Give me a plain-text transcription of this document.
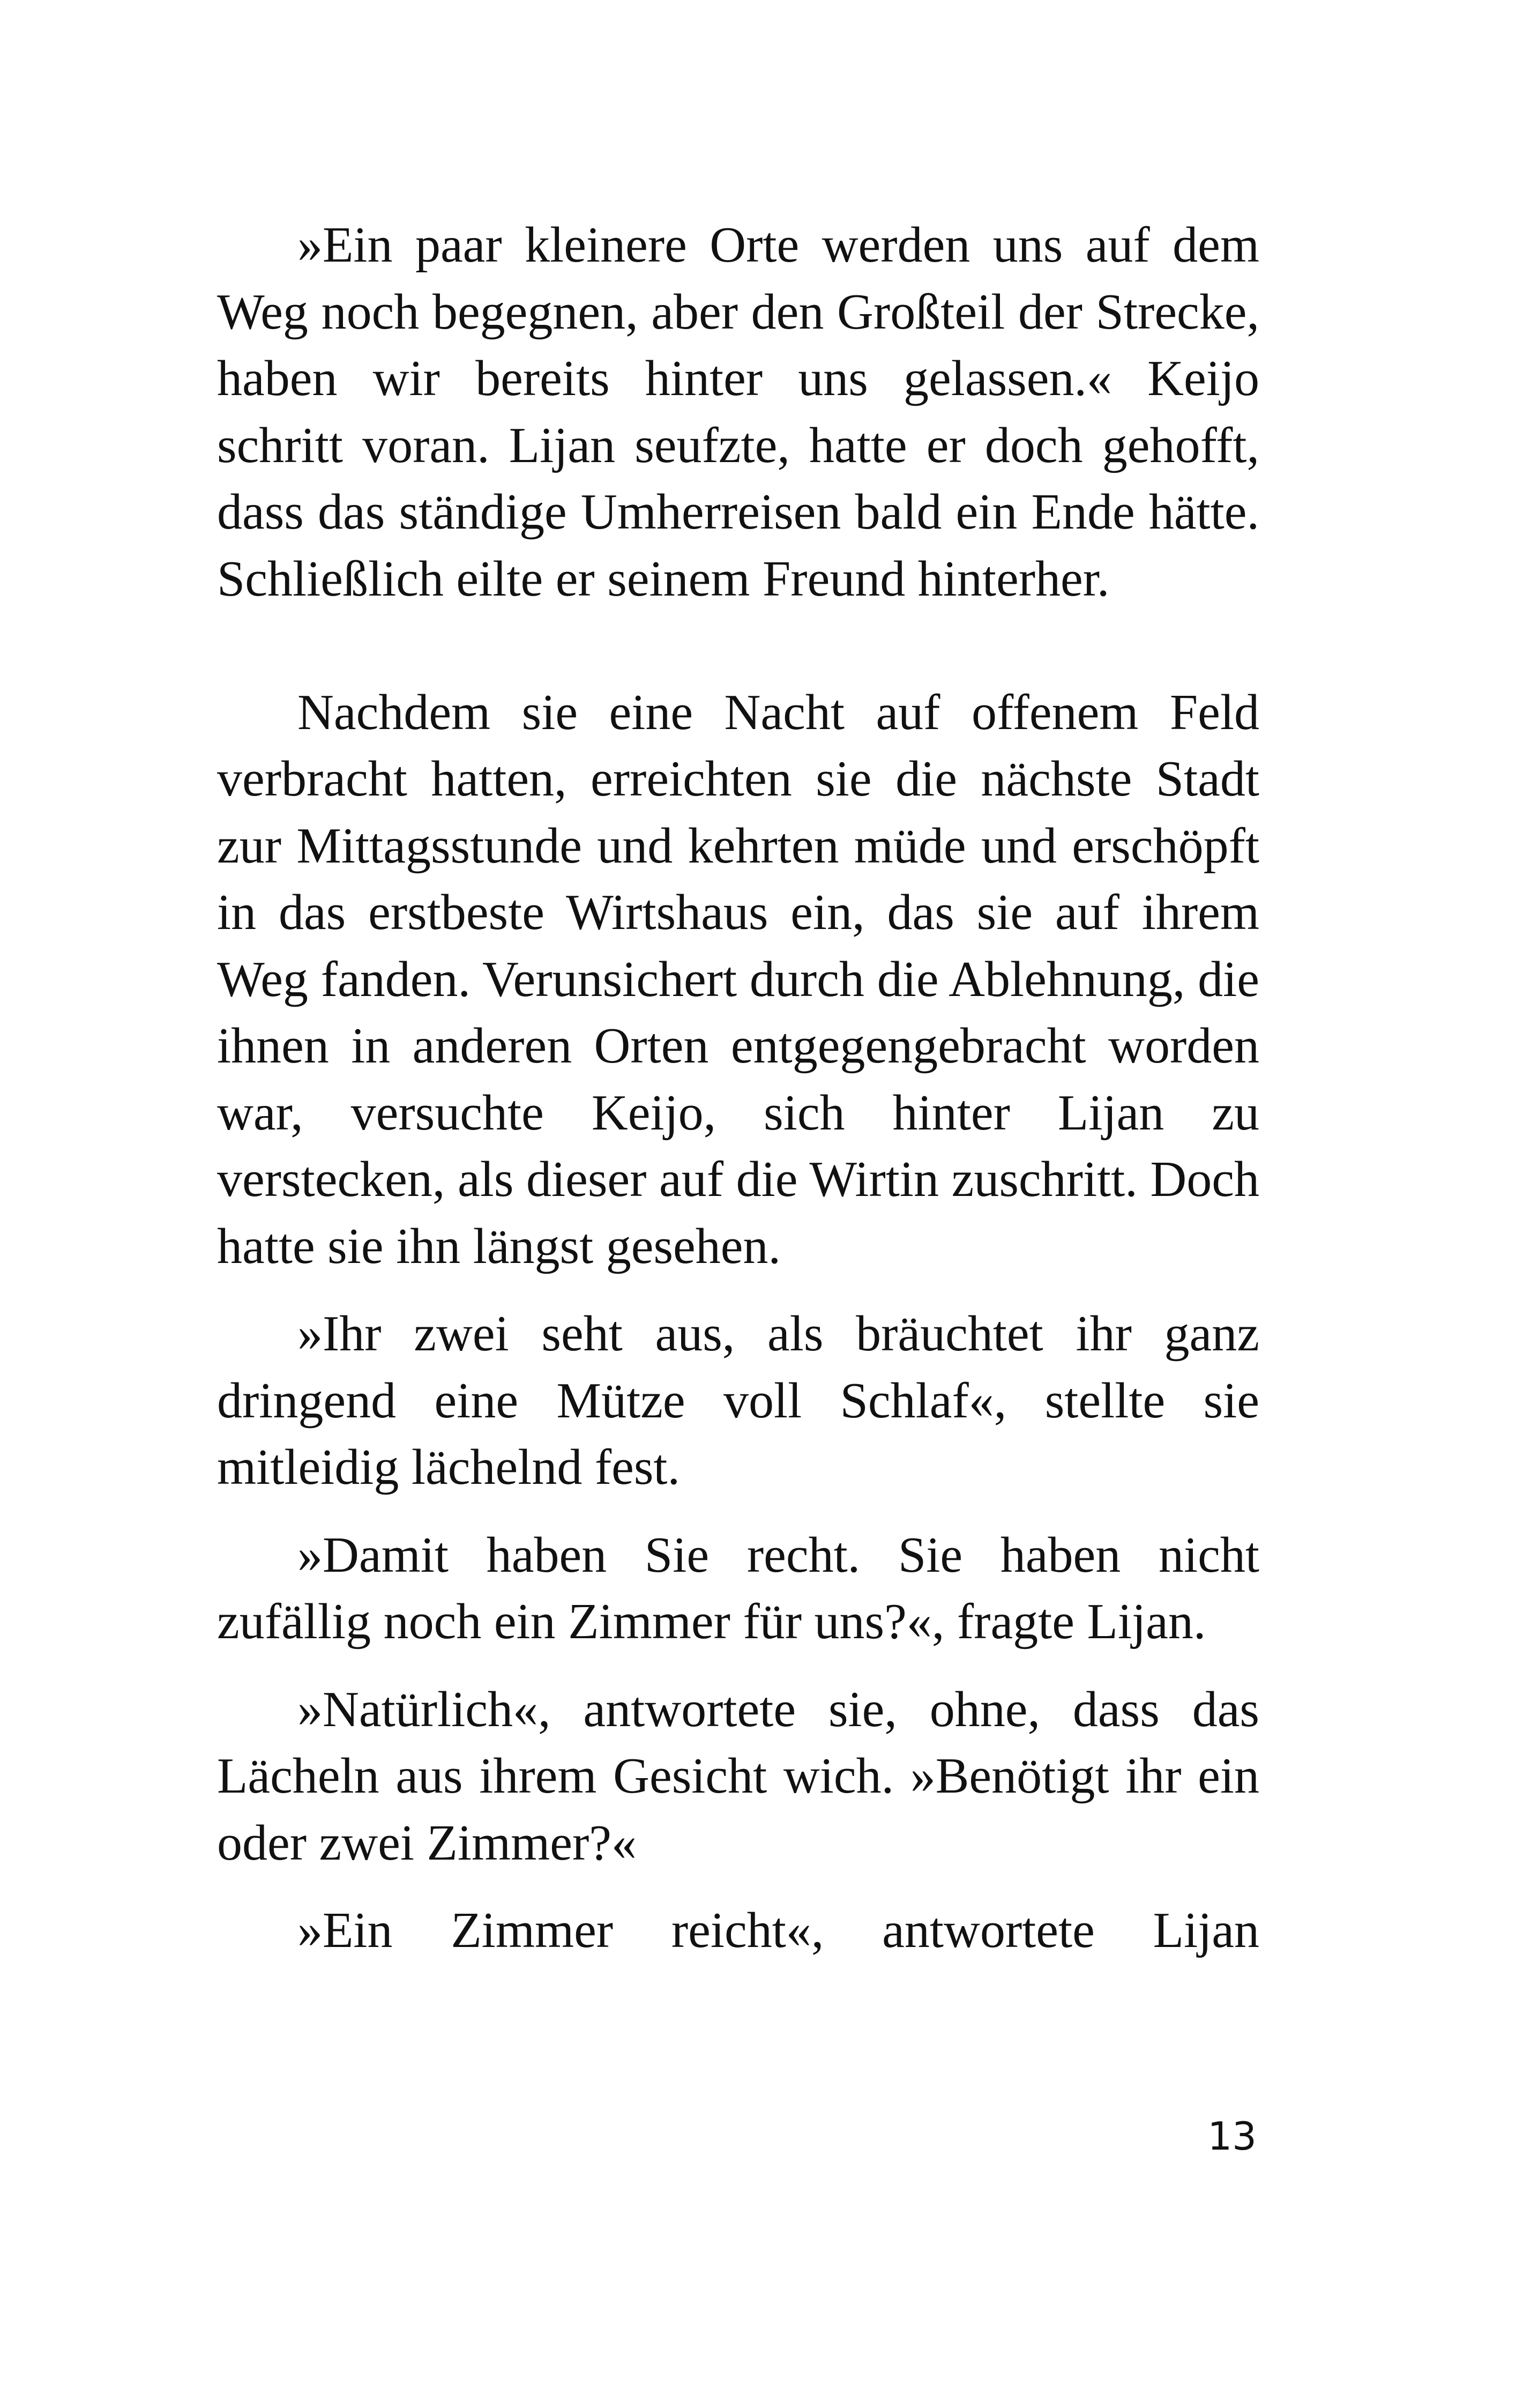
»Ein paar kleinere Orte werden uns auf dem Weg noch begegnen, aber den Großteil der Strecke, haben wir bereits hinter uns gelassen.« Keijo schritt voran. Lijan seufzte, hatte er doch gehofft, dass das ständige Umherreisen bald ein Ende hätte. Schließlich eilte er seinem Freund hinterher.

Nachdem sie eine Nacht auf offenem Feld verbracht hatten, erreichten sie die nächste Stadt zur Mittagsstunde und kehrten müde und erschöpft in das erstbeste Wirtshaus ein, das sie auf ihrem Weg fanden. Verunsichert durch die Ablehnung, die ihnen in anderen Orten entgegengebracht worden war, versuchte Keijo, sich hinter Lijan zu verstecken, als dieser auf die Wirtin zuschritt. Doch hatte sie ihn längst gesehen.

»Ihr zwei seht aus, als bräuchtet ihr ganz dringend eine Mütze voll Schlaf«, stellte sie mitleidig lächelnd fest.

»Damit haben Sie recht. Sie haben nicht zufällig noch ein Zimmer für uns?«, fragte Lijan.

»Natürlich«, antwortete sie, ohne, dass das Lächeln aus ihrem Gesicht wich. »Benötigt ihr ein oder zwei Zimmer?«

»Ein Zimmer reicht«, antwortete Lijan

13
